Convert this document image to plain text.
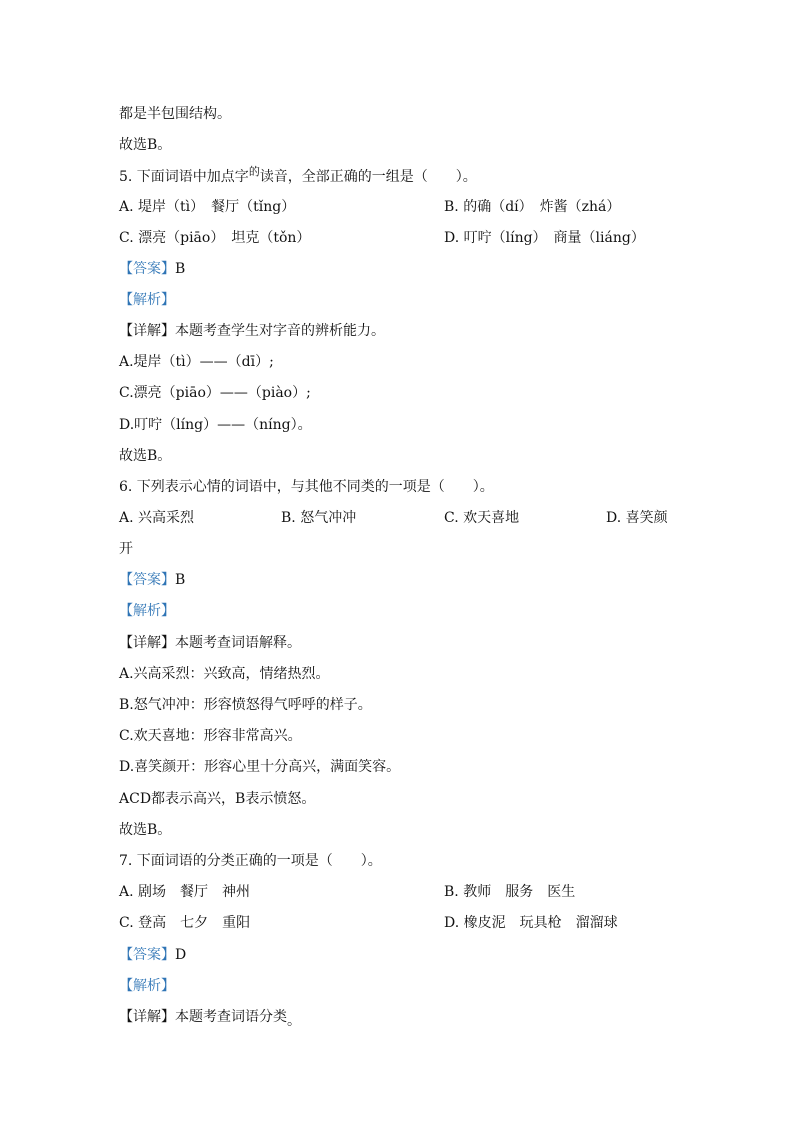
都是半包围结构。
故选B。
5. 下面词语中加点字$^的$读音，全部正确的一组是（　　）。
A. 堤岸（tì）　餐厅（tǐng）	B. 的确（dí）　炸酱（zhá）
C. 漂亮（piāo）　坦克（tǒn）	D. 叮咛（líng）　商量（liáng）
【答案】B
【解析】
【详解】本题考查学生对字音的辨析能力。
A.堤岸（tì）——（dī）;
C.漂亮（piāo）——（piào）;
D.叮咛（líng）——（níng）。
故选B。
6. 下列表示心情的词语中，与其他不同类的一项是（　　）。
A. 兴高采烈	B. 怒气冲冲	C. 欢天喜地	D. 喜笑颜
开
【答案】B
【解析】
【详解】本题考查词语解释。
A.兴高采烈：兴致高，情绪热烈。
B.怒气冲冲：形容愤怒得气呼呼的样子。
C.欢天喜地：形容非常高兴。
D.喜笑颜开：形容心里十分高兴，满面笑容。
ACD都表示高兴，B表示愤怒。
故选B。
7. 下面词语的分类正确的一项是（　　）。
A. 剧场　餐厅　神州	B. 教师　服务　医生
C. 登高　七夕　重阳	D. 橡皮泥　玩具枪　溜溜球
【答案】D
【解析】
【详解】本题考查词语分类。
